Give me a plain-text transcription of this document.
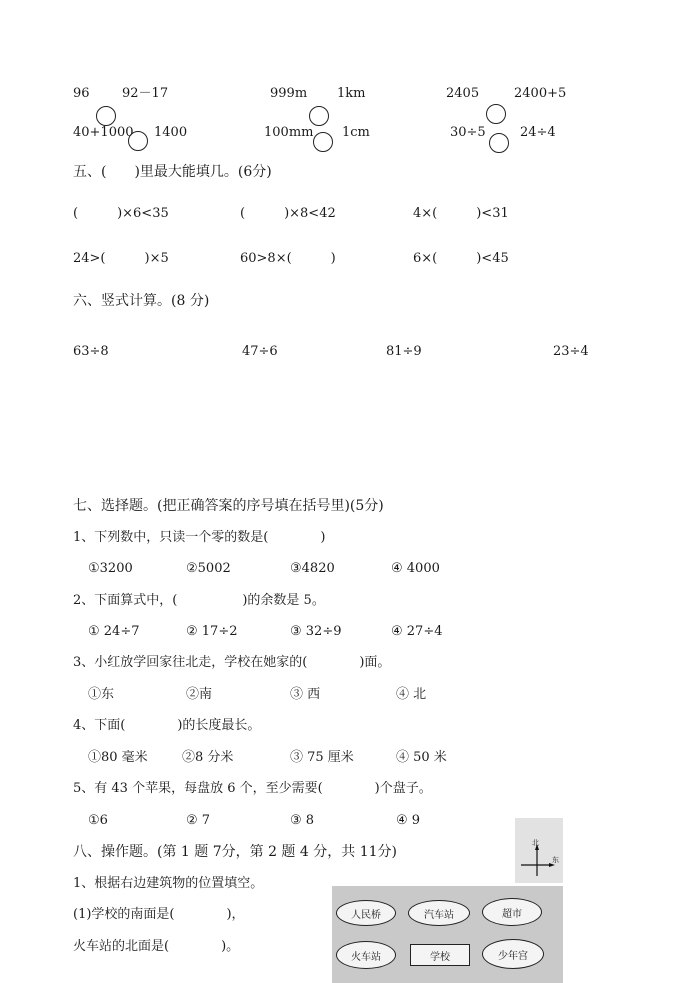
96 92－17	999m 1km	2405	2400+5
40+1000 1400	100mm 1cm	30÷5	24÷4
五、(　　)里最大能填几。(6分)
(　　　)×6<35	(　　　)×8<42	4×(　　　)<31
24>(　　　)×5	60>8×(　　　)	6×(　　　)<45
六、竖式计算。(8 分)
63÷8	47÷6	81÷9	23÷4
七、选择题。(把正确答案的序号填在括号里)(5分)
1、下列数中，只读一个零的数是(　　　　)
①3200	②5002	③4820	④ 4000
2、下面算式中，(　　　　　)的余数是 5。
① 24÷7	② 17÷2	③ 32÷9	④ 27÷4
3、小红放学回家往北走，学校在她家的(　　　　)面。
①东	②南	③ 西	④ 北
4、下面(　　　　)的长度最长。
①80 毫米	②8 分米	③ 75 厘米	④ 50 米
5、有 43 个苹果，每盘放 6 个，至少需要(　　　　)个盘子。
①6	② 7	③ 8	④ 9
八、操作题。(第 1 题 7分，第 2 题 4 分，共 11分)
1、根据右边建筑物的位置填空。
(1)学校的南面是(　　　　)，
火车站的北面是(　　　　)。
北
东
人民桥	汽车站	超市
火车站	学校	少年宫
